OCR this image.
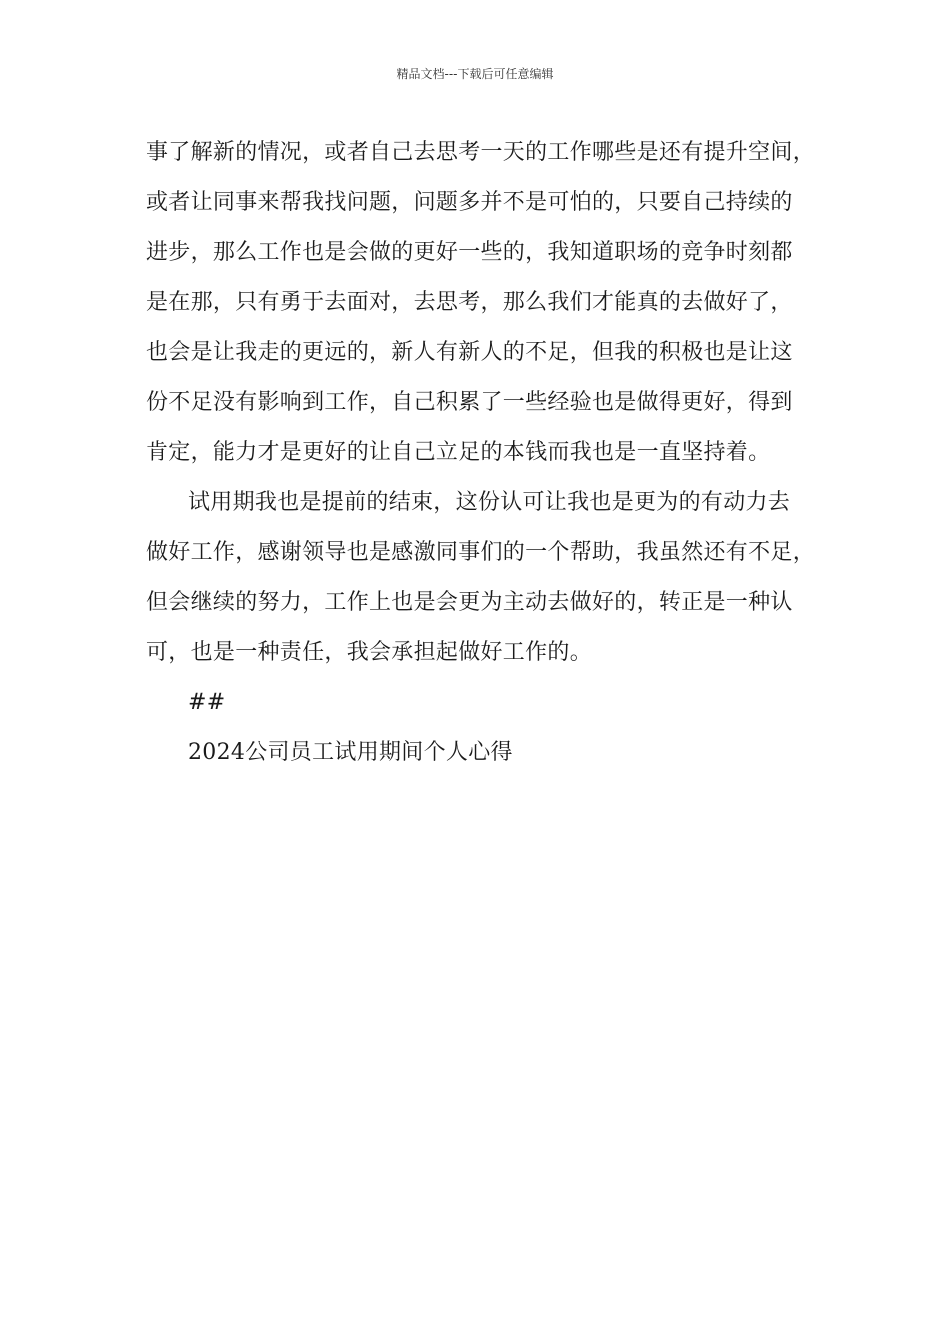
精品文档---下载后可任意编辑
事了解新的情况，或者自己去思考一天的工作哪些是还有提升空间，
或者让同事来帮我找问题，问题多并不是可怕的，只要自己持续的
进步，那么工作也是会做的更好一些的，我知道职场的竞争时刻都
是在那，只有勇于去面对，去思考，那么我们才能真的去做好了，
也会是让我走的更远的，新人有新人的不足，但我的积极也是让这
份不足没有影响到工作，自己积累了一些经验也是做得更好，得到
肯定，能力才是更好的让自己立足的本钱而我也是一直坚持着。
试用期我也是提前的结束，这份认可让我也是更为的有动力去
做好工作，感谢领导也是感激同事们的一个帮助，我虽然还有不足，
但会继续的努力，工作上也是会更为主动去做好的，转正是一种认
可，也是一种责任，我会承担起做好工作的。
##
2024公司员工试用期间个人心得
